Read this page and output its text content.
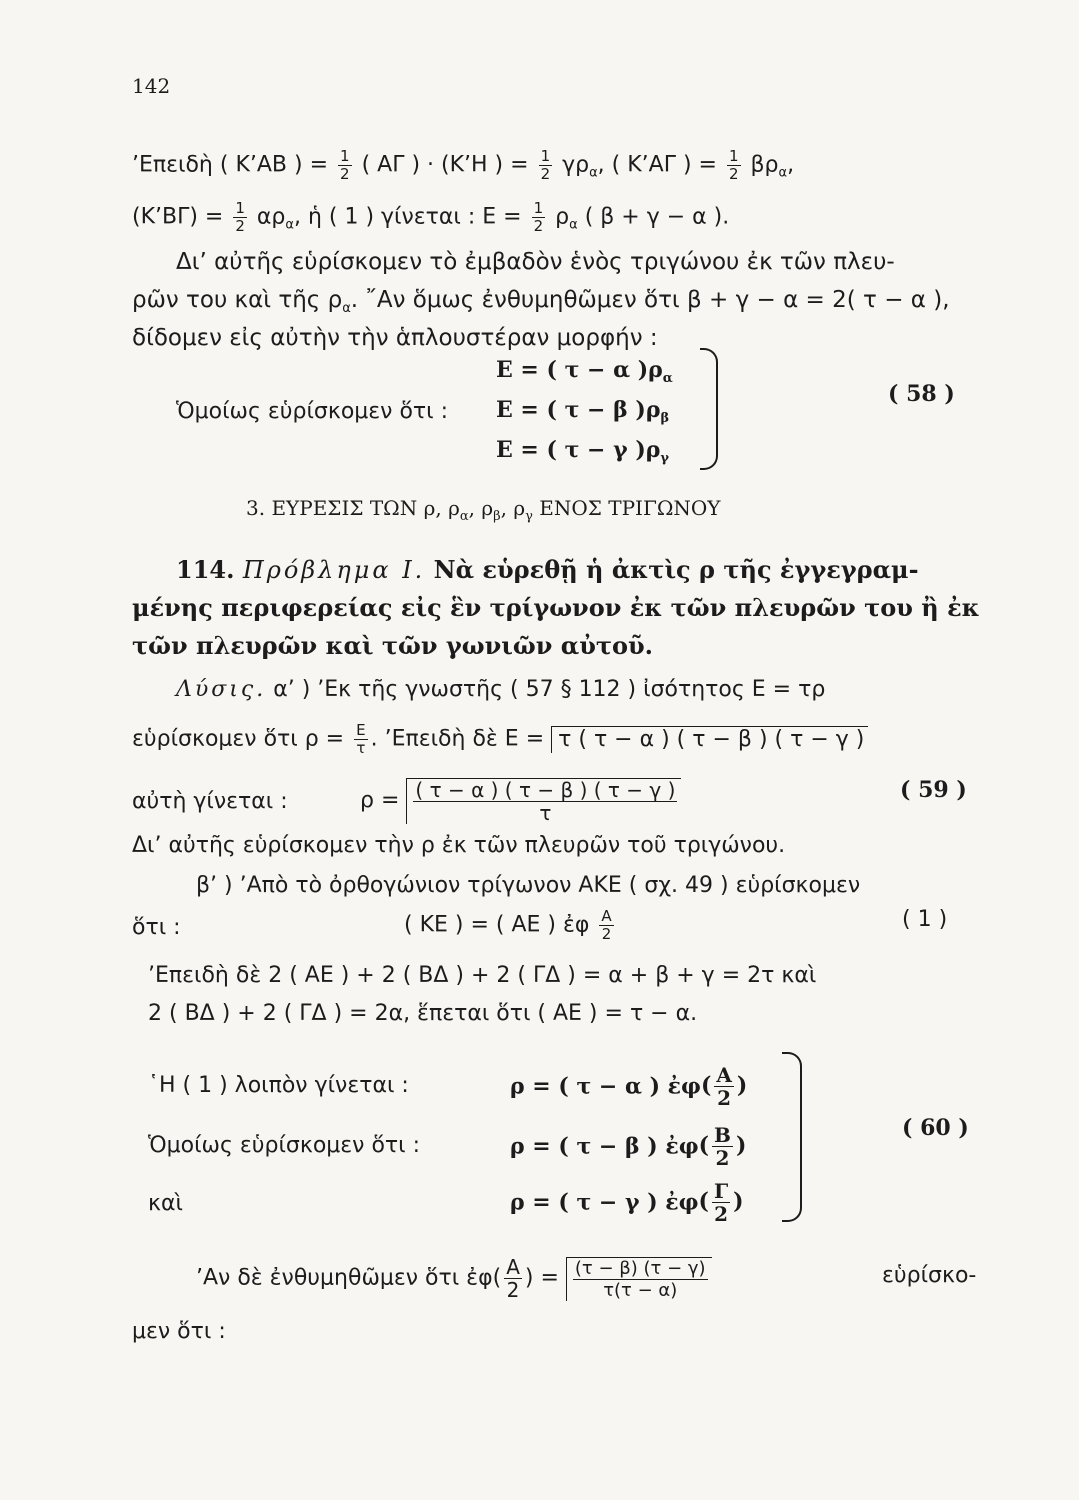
142
’Επειδὴ ( Κ’ΑΒ ) = $\frac{1}{2}$ ( ΑΓ ) · (Κ’Η ) = $\frac{1}{2} \gamma\rho_\alpha$, ( Κ’ΑΓ ) = $\frac{1}{2} \beta\rho_\alpha$,
(Κ’ΒΓ) = $\frac{1}{2} \alpha\rho_\alpha$, ἡ ( 1 ) γίνεται : $E = \frac{1}{2} \rho_\alpha$ ( β + γ − α ).
Δι’ αὐτῆς εὑρίσκομεν τὸ ἐμβαδὸν ἑνὸς τριγώνου ἐκ τῶν πλευ-
ρῶν του καὶ τῆς $\rho_\alpha$. ῎Αν ὅμως ἐνθυμηθῶμεν ὅτι β + γ − α = 2( τ − α ),
δίδομεν εἰς αὐτὴν τὴν ἁπλουστέραν μορφήν :
Ὁμοίως εὑρίσκομεν ὅτι :
Ε = ( τ − α )$\rho_\alpha$
Ε = ( τ − β )$\rho_\beta$
Ε = ( τ − γ )$\rho_\gamma$
( 58 )
3. ΕΥΡΕΣΙΣ ΤΩΝ ρ, $\rho_\alpha$, $\rho_\beta$, $\rho_\gamma$ ΕΝΟΣ ΤΡΙΓΩΝΟΥ
114. Πρόβλημα Ι. Νὰ εὑρεθῇ ἡ ἀκτὶς ρ τῆς ἐγγεγραμ-
μένης περιφερείας εἰς ἓν τρίγωνον ἐκ τῶν πλευρῶν του ἢ ἐκ
τῶν πλευρῶν καὶ τῶν γωνιῶν αὐτοῦ.
Λύσις. α’ ) ’Εκ τῆς γνωστῆς ( 57 § 112 ) ἰσότητος Ε = τρ
εὑρίσκομεν ὅτι $\rho = \frac{E}{\tau}$ . ’Επειδὴ δὲ Ε = τ ( τ − α ) ( τ − β ) ( τ − γ )
αὐτὴ γίνεται :	$\rho = \frac{( \tau - \alpha ) ( \tau - \beta ) ( \tau - \gamma )}{\tau}$	( 59 )
Δι’ αὐτῆς εὑρίσκομεν τὴν ρ ἐκ τῶν πλευρῶν τοῦ τριγώνου.
β’ ) ’Απὸ τὸ ὀρθογώνιον τρίγωνον ΑΚΕ ( σχ. 49 ) εὑρίσκομεν
ὅτι :	( ΚΕ ) = ( ΑΕ ) ἐφ $\frac{A}{2}$	( 1 )
’Επειδὴ δὲ 2 ( ΑΕ ) + 2 ( ΒΔ ) + 2 ( ΓΔ ) = α + β + γ = 2τ καὶ
2 ( ΒΔ ) + 2 ( ΓΔ ) = 2α, ἕπεται ὅτι ( ΑΕ ) = τ − α.
῾Η ( 1 ) λοιπὸν γίνεται :	ρ = ( τ − α ) ἐφ( $\frac{A}{2}$ )
Ὁμοίως εὑρίσκομεν ὅτι :	ρ = ( τ − β ) ἐφ( $\frac{B}{2}$ )
καὶ	ρ = ( τ − γ ) ἐφ( $\frac{\Gamma}{2}$ )
( 60 )
’Αν δὲ ἐνθυμηθῶμεν ὅτι ἐφ( $\frac{A}{2}$ ) = $\frac{(\tau - \beta) (\tau - \gamma)}{\tau(\tau - \alpha)}$	εὑρίσκο-
μεν ὅτι :
